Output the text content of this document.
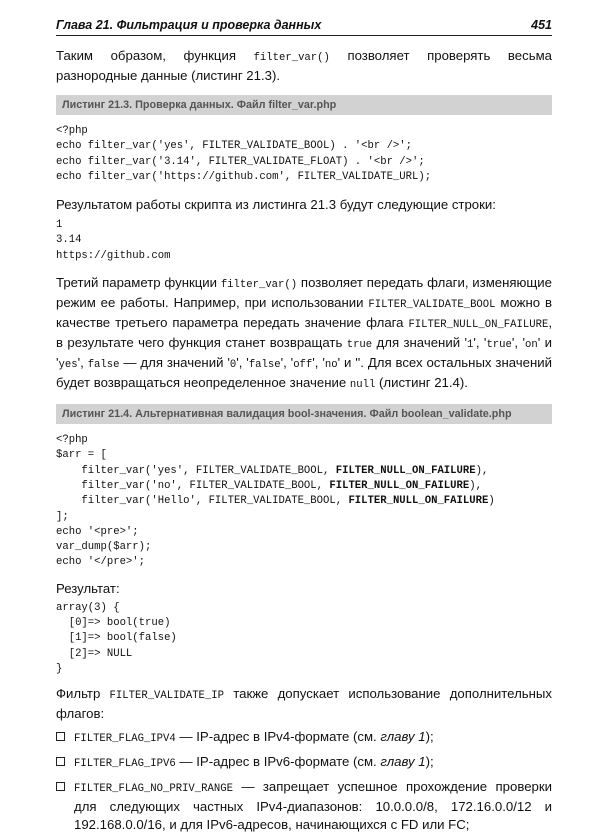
Глава 21. Фильтрация и проверка данных	451

Таким образом, функция filter_var() позволяет проверять весьма разнородные данные (листинг 21.3).

Листинг 21.3. Проверка данных. Файл filter_var.php
<?php
echo filter_var('yes', FILTER_VALIDATE_BOOL) . '<br />';
echo filter_var('3.14', FILTER_VALIDATE_FLOAT) . '<br />';
echo filter_var('https://github.com', FILTER_VALIDATE_URL);

Результатом работы скрипта из листинга 21.3 будут следующие строки:

1
3.14
https://github.com

Третий параметр функции filter_var() позволяет передать флаги, изменяющие режим ее работы. Например, при использовании FILTER_VALIDATE_BOOL можно в качестве третьего параметра передать значение флага FILTER_NULL_ON_FAILURE, в результате чего функция станет возвращать true для значений '1', 'true', 'on' и 'yes', false — для значений '0', 'false', 'off', 'no' и ''. Для всех остальных значений будет возвращаться неопределенное значение null (листинг 21.4).

Листинг 21.4. Альтернативная валидация bool-значения. Файл boolean_validate.php
<?php
$arr = [
filter_var('yes', FILTER_VALIDATE_BOOL, FILTER_NULL_ON_FAILURE),
filter_var('no', FILTER_VALIDATE_BOOL, FILTER_NULL_ON_FAILURE),
filter_var('Hello', FILTER_VALIDATE_BOOL, FILTER_NULL_ON_FAILURE)
];
echo '<pre>';
var_dump($arr);
echo '</pre>';

Результат:

array(3) {
[0]=> bool(true)
[1]=> bool(false)
[2]=> NULL
}

Фильтр FILTER_VALIDATE_IP также допускает использование дополнительных флагов:

FILTER_FLAG_IPV4 — IP-адрес в IPv4-формате (см. главу 1);
FILTER_FLAG_IPV6 — IP-адрес в IPv6-формате (см. главу 1);
FILTER_FLAG_NO_PRIV_RANGE — запрещает успешное прохождение проверки для следующих частных IPv4-диапазонов: 10.0.0.0/8, 172.16.0.0/12 и 192.168.0.0/16, и для IPv6-адресов, начинающихся с FD или FC;
